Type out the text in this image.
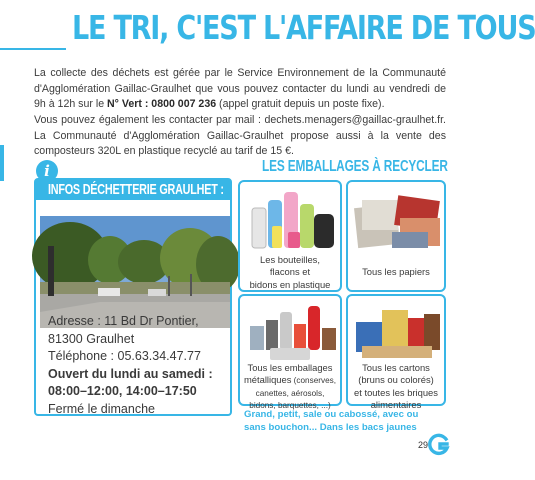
LE TRI, C'EST L'AFFAIRE DE TOUS
La collecte des déchets est gérée par le Service Environnement de la Communauté d'Agglomération Gaillac-Graulhet que vous pouvez contacter du lundi au vendredi de 9h à 12h sur le N° Vert : 0800 007 236 (appel gratuit depuis un poste fixe).
Vous pouvez également les contacter par mail : dechets.menagers@gaillac-graulhet.fr. La Communauté d'Agglomération Gaillac-Graulhet propose aussi à la vente des composteurs 320L en plastique recyclé au tarif de 15 €.
INFOS DÉCHETTERIE GRAULHET :
Adresse : 11 Bd Dr Pontier,
81300 Graulhet
Téléphone : 05.63.34.47.77
Ouvert du lundi au samedi :
08:00–12:00, 14:00–17:50
Fermé le dimanche
i	LES EMBALLAGES À RECYCLER
Les bouteilles,
flacons et
bidons en plastique
Tous les papiers
Tous les emballages
métalliques (conserves,
canettes, aérosols,
bidons, barquettes, ...)
Tous les cartons
(bruns ou colorés)
et toutes les briques
alimentaires
Grand, petit, sale ou cabossé, avec ou
sans bouchon... Dans les bacs jaunes
29
